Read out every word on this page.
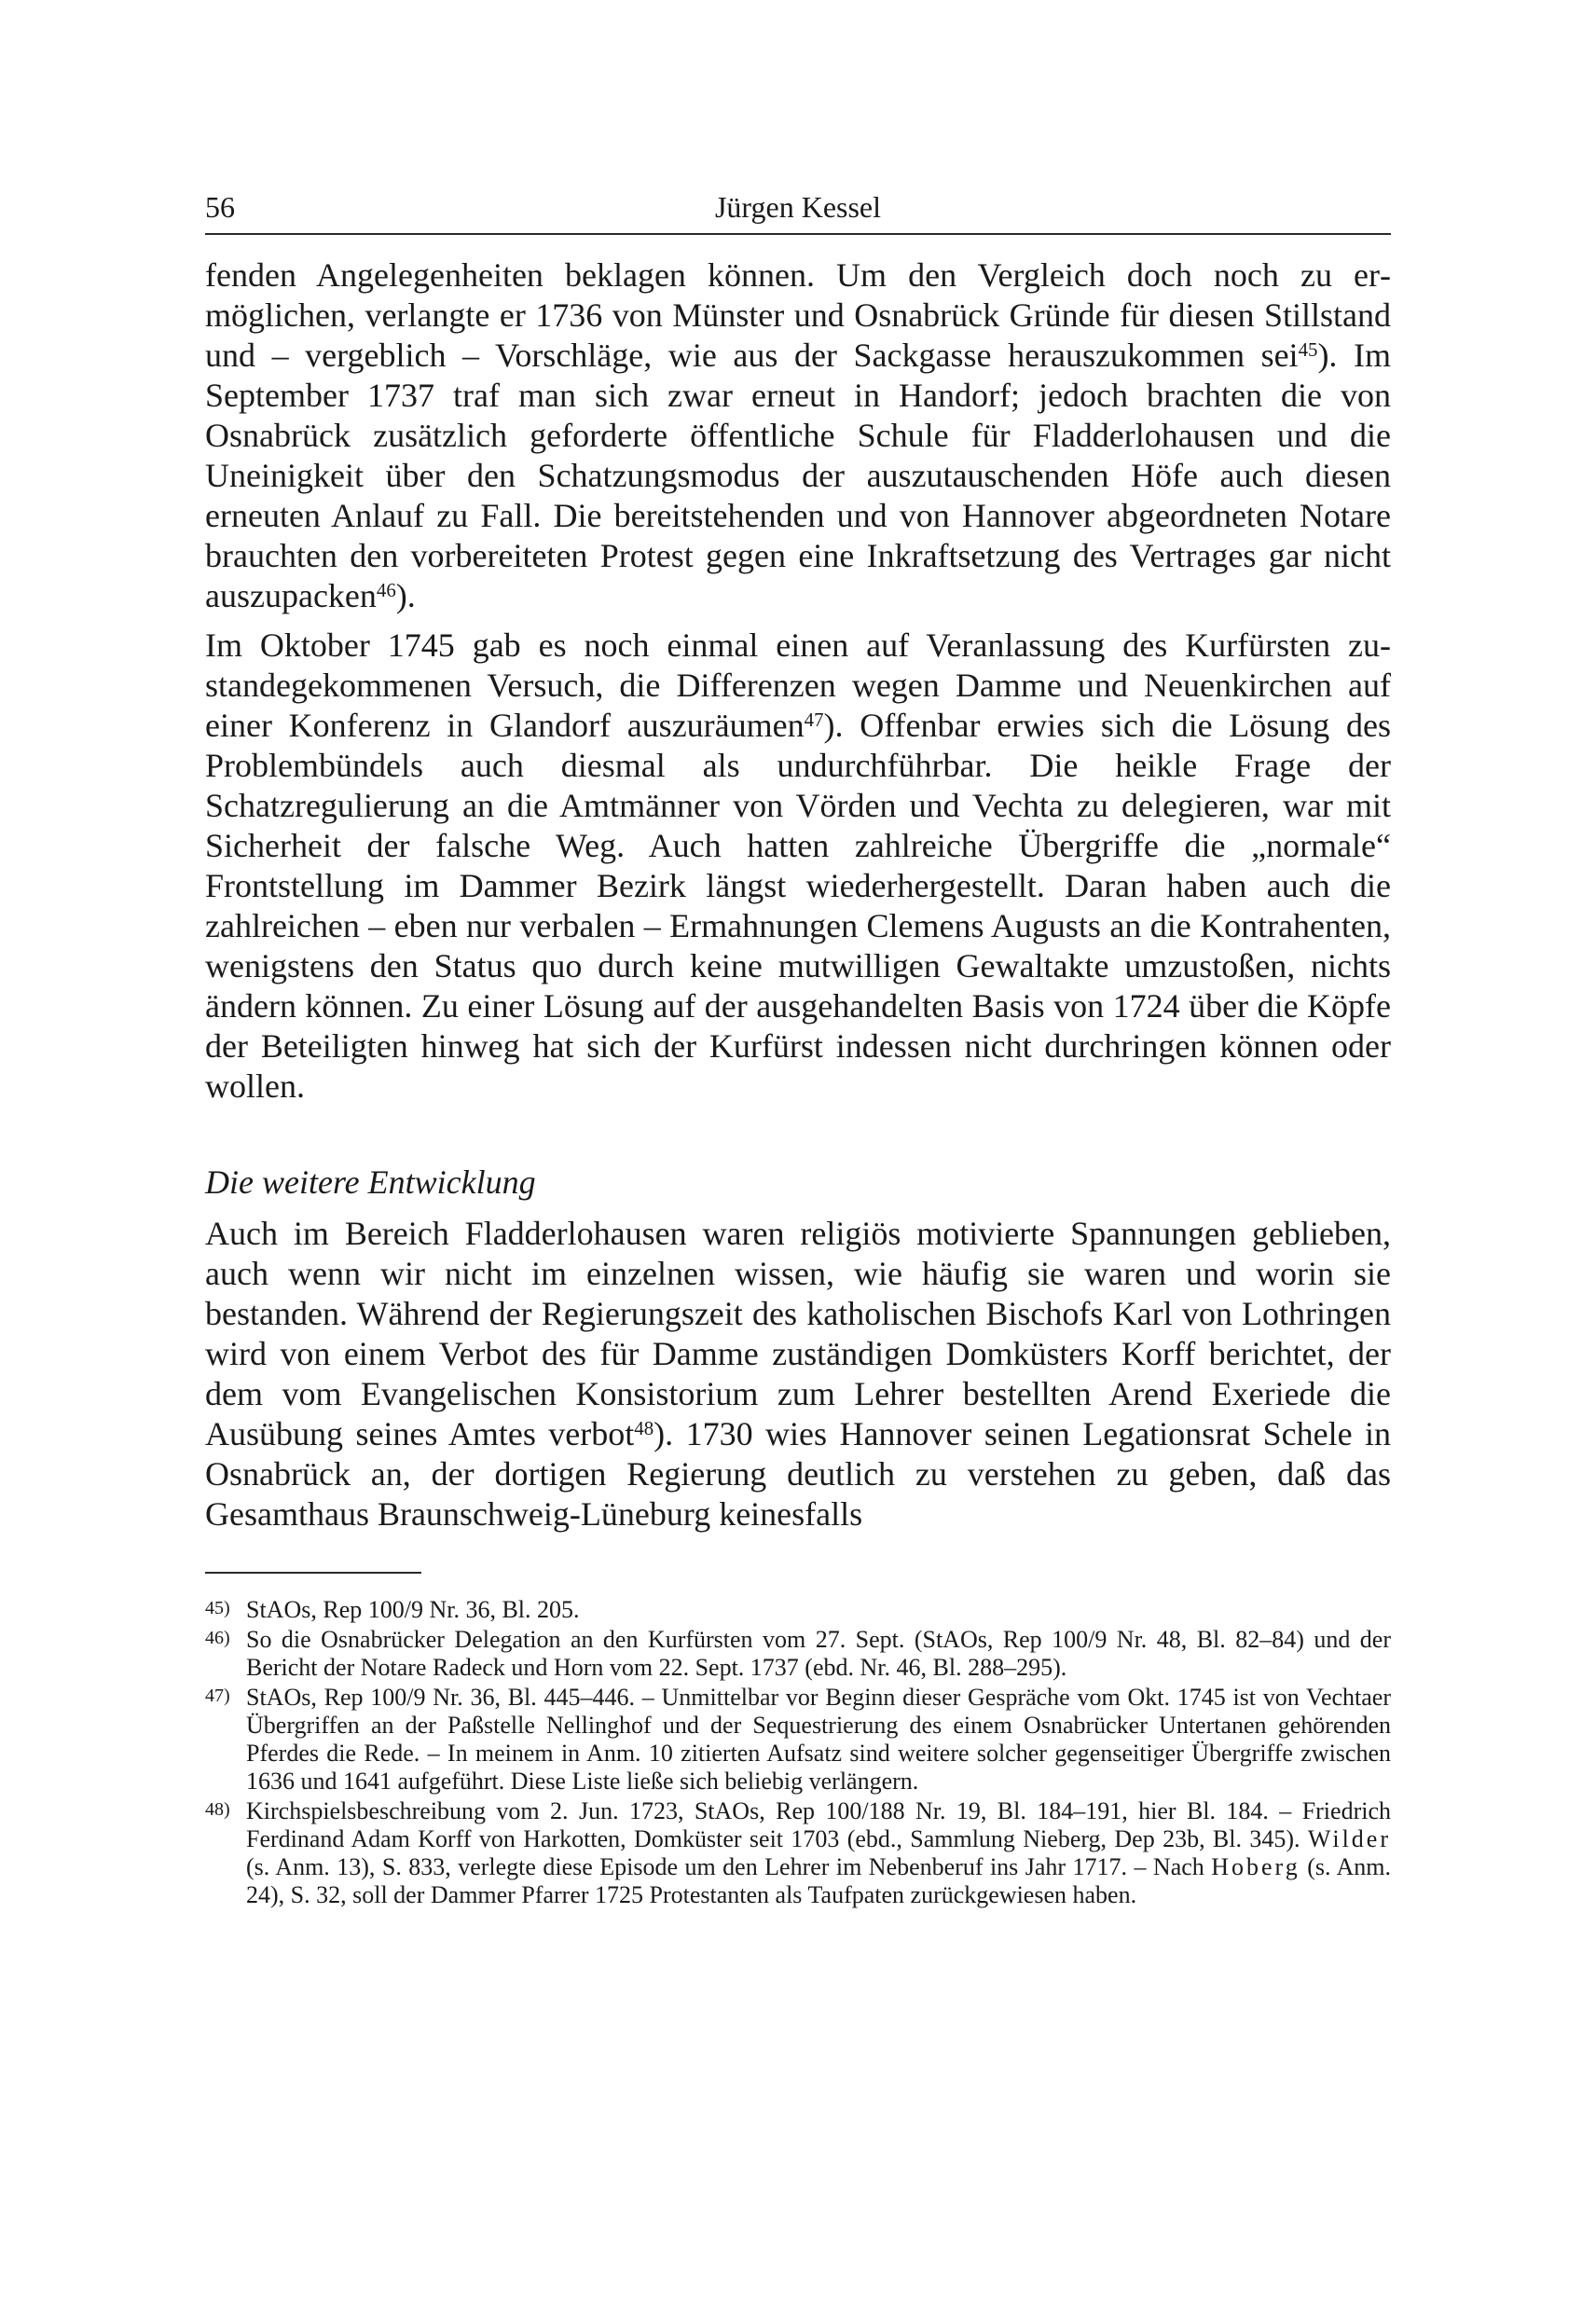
56	Jürgen Kessel

fenden Angelegenheiten beklagen können. Um den Vergleich doch noch zu ermöglichen, verlangte er 1736 von Münster und Osnabrück Gründe für diesen Stillstand und – vergeblich – Vorschläge, wie aus der Sackgasse herauszukommen sei$^{45}$). Im September 1737 traf man sich zwar erneut in Handorf; jedoch brachten die von Osnabrück zusätzlich geforderte öffentliche Schule für Fladderlohausen und die Uneinigkeit über den Schatzungsmodus der auszutauschenden Höfe auch diesen erneuten Anlauf zu Fall. Die bereitstehenden und von Hannover abgeordneten Notare brauchten den vorbereiteten Protest gegen eine Inkraftsetzung des Vertrages gar nicht auszupacken$^{46}$).

Im Oktober 1745 gab es noch einmal einen auf Veranlassung des Kurfürsten zustandegekommenen Versuch, die Differenzen wegen Damme und Neuenkirchen auf einer Konferenz in Glandorf auszuräumen$^{47}$). Offenbar erwies sich die Lösung des Problembündels auch diesmal als undurchführbar. Die heikle Frage der Schatzregulierung an die Amtmänner von Vörden und Vechta zu delegieren, war mit Sicherheit der falsche Weg. Auch hatten zahlreiche Übergriffe die „normale“ Frontstellung im Dammer Bezirk längst wiederhergestellt. Daran haben auch die zahlreichen – eben nur verbalen – Ermahnungen Clemens Augusts an die Kontrahenten, wenigstens den Status quo durch keine mutwilligen Gewaltakte umzustoßen, nichts ändern können. Zu einer Lösung auf der ausgehandelten Basis von 1724 über die Köpfe der Beteiligten hinweg hat sich der Kurfürst indessen nicht durchringen können oder wollen.

Die weitere Entwicklung

Auch im Bereich Fladderlohausen waren religiös motivierte Spannungen geblieben, auch wenn wir nicht im einzelnen wissen, wie häufig sie waren und worin sie bestanden. Während der Regierungszeit des katholischen Bischofs Karl von Lothringen wird von einem Verbot des für Damme zuständigen Domküsters Korff berichtet, der dem vom Evangelischen Konsistorium zum Lehrer bestellten Arend Exeriede die Ausübung seines Amtes verbot$^{48}$). 1730 wies Hannover seinen Legationsrat Schele in Osnabrück an, der dortigen Regierung deutlich zu verstehen zu geben, daß das Gesamthaus Braunschweig-Lüneburg keinesfalls

45) StAOs, Rep 100/9 Nr. 36, Bl. 205.
46) So die Osnabrücker Delegation an den Kurfürsten vom 27. Sept. (StAOs, Rep 100/9 Nr. 48, Bl. 82–84) und der Bericht der Notare Radeck und Horn vom 22. Sept. 1737 (ebd. Nr. 46, Bl. 288–295).
47) StAOs, Rep 100/9 Nr. 36, Bl. 445–446. – Unmittelbar vor Beginn dieser Gespräche vom Okt. 1745 ist von Vechtaer Übergriffen an der Paßstelle Nellinghof und der Sequestrierung des einem Osnabrücker Untertanen gehörenden Pferdes die Rede. – In meinem in Anm. 10 zitierten Aufsatz sind weitere solcher gegenseitiger Übergriffe zwischen 1636 und 1641 aufgeführt. Diese Liste ließe sich beliebig verlängern.
48) Kirchspielsbeschreibung vom 2. Jun. 1723, StAOs, Rep 100/188 Nr. 19, Bl. 184–191, hier Bl. 184. – Friedrich Ferdinand Adam Korff von Harkotten, Domküster seit 1703 (ebd., Sammlung Nieberg, Dep 23b, Bl. 345). Wilder (s. Anm. 13), S. 833, verlegte diese Episode um den Lehrer im Nebenberuf ins Jahr 1717. – Nach Hoberg (s. Anm. 24), S. 32, soll der Dammer Pfarrer 1725 Protestanten als Taufpaten zurückgewiesen haben.
